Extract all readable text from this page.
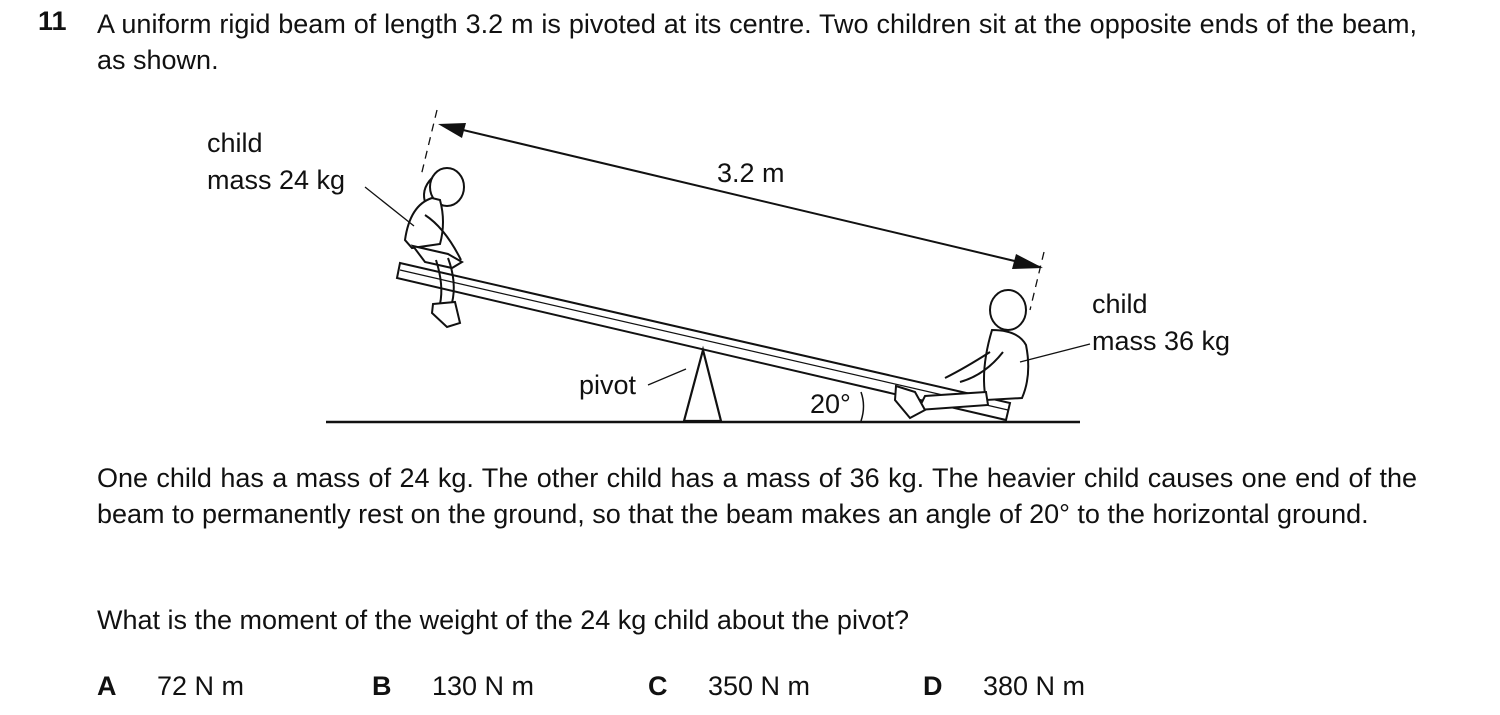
11 A uniform rigid beam of length 3.2 m is pivoted at its centre. Two children sit at the opposite ends of the beam, as shown.
child
mass 24 kg	3.2 m
child
mass 36 kg
pivot
20°
One child has a mass of 24 kg. The other child has a mass of 36 kg. The heavier child causes one end of the beam to permanently rest on the ground, so that the beam makes an angle of 20° to the horizontal ground.
What is the moment of the weight of the 24 kg child about the pivot?
A 72 N m	B 130 N m	C 350 N m	D 380 N m
